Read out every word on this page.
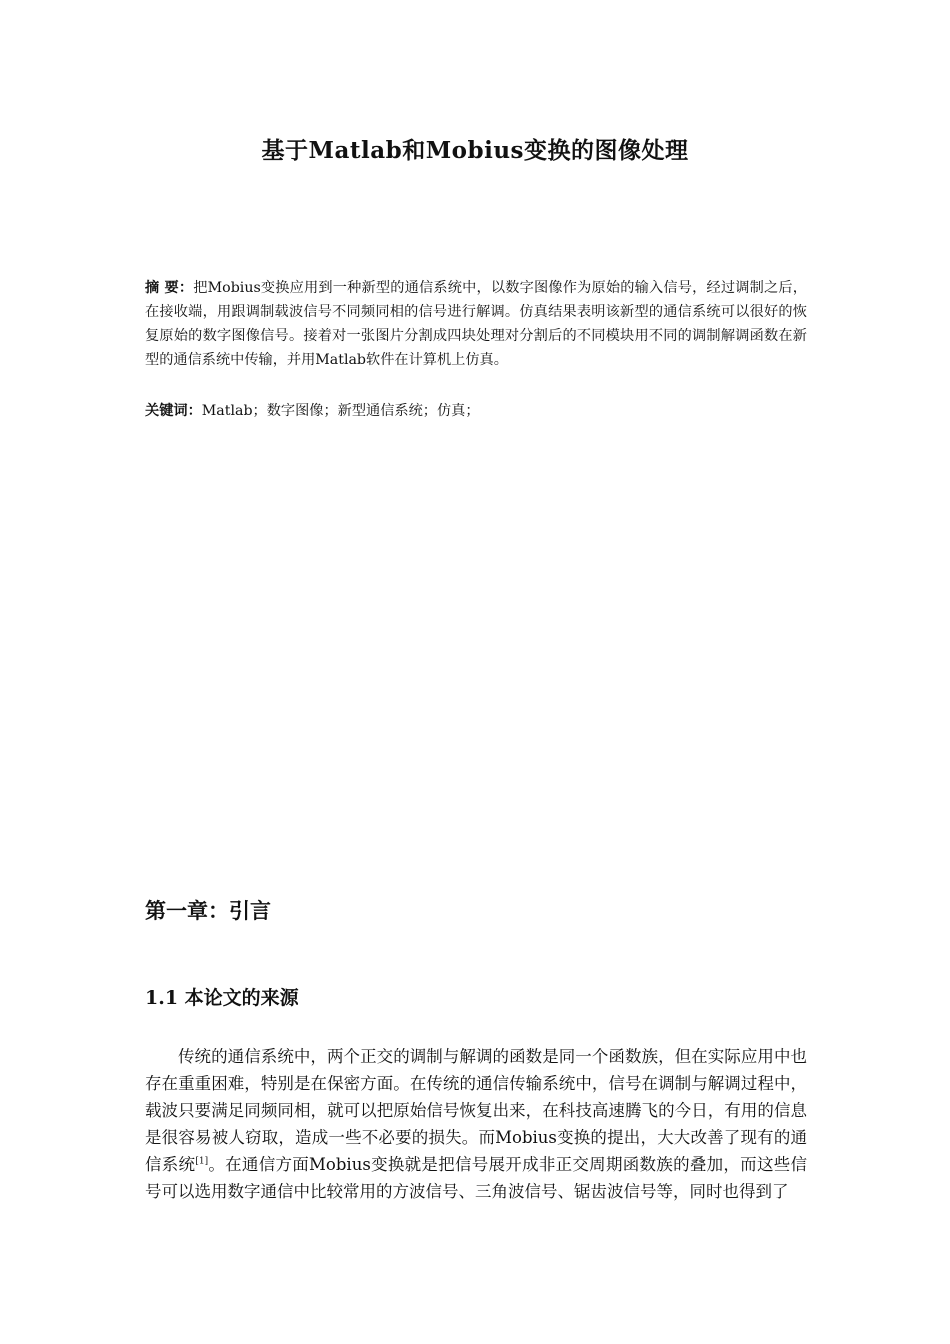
基于Matlab和Mobius变换的图像处理
摘 要：把Mobius变换应用到一种新型的通信系统中，以数字图像作为原始的输入信号，经过调制之后，在接收端，用跟调制载波信号不同频同相的信号进行解调。仿真结果表明该新型的通信系统可以很好的恢复原始的数字图像信号。接着对一张图片分割成四块处理对分割后的不同模块用不同的调制解调函数在新型的通信系统中传输，并用Matlab软件在计算机上仿真。
关键词：Matlab；数字图像；新型通信系统；仿真；
第一章：引言
1.1 本论文的来源
传统的通信系统中，两个正交的调制与解调的函数是同一个函数族，但在实际应用中也存在重重困难，特别是在保密方面。在传统的通信传输系统中，信号在调制与解调过程中，载波只要满足同频同相，就可以把原始信号恢复出来，在科技高速腾飞的今日，有用的信息是很容易被人窃取，造成一些不必要的损失。而Mobius变换的提出，大大改善了现有的通信系统[1]。在通信方面Mobius变换就是把信号展开成非正交周期函数族的叠加，而这些信号可以选用数字通信中比较常用的方波信号、三角波信号、锯齿波信号等，同时也得到了
